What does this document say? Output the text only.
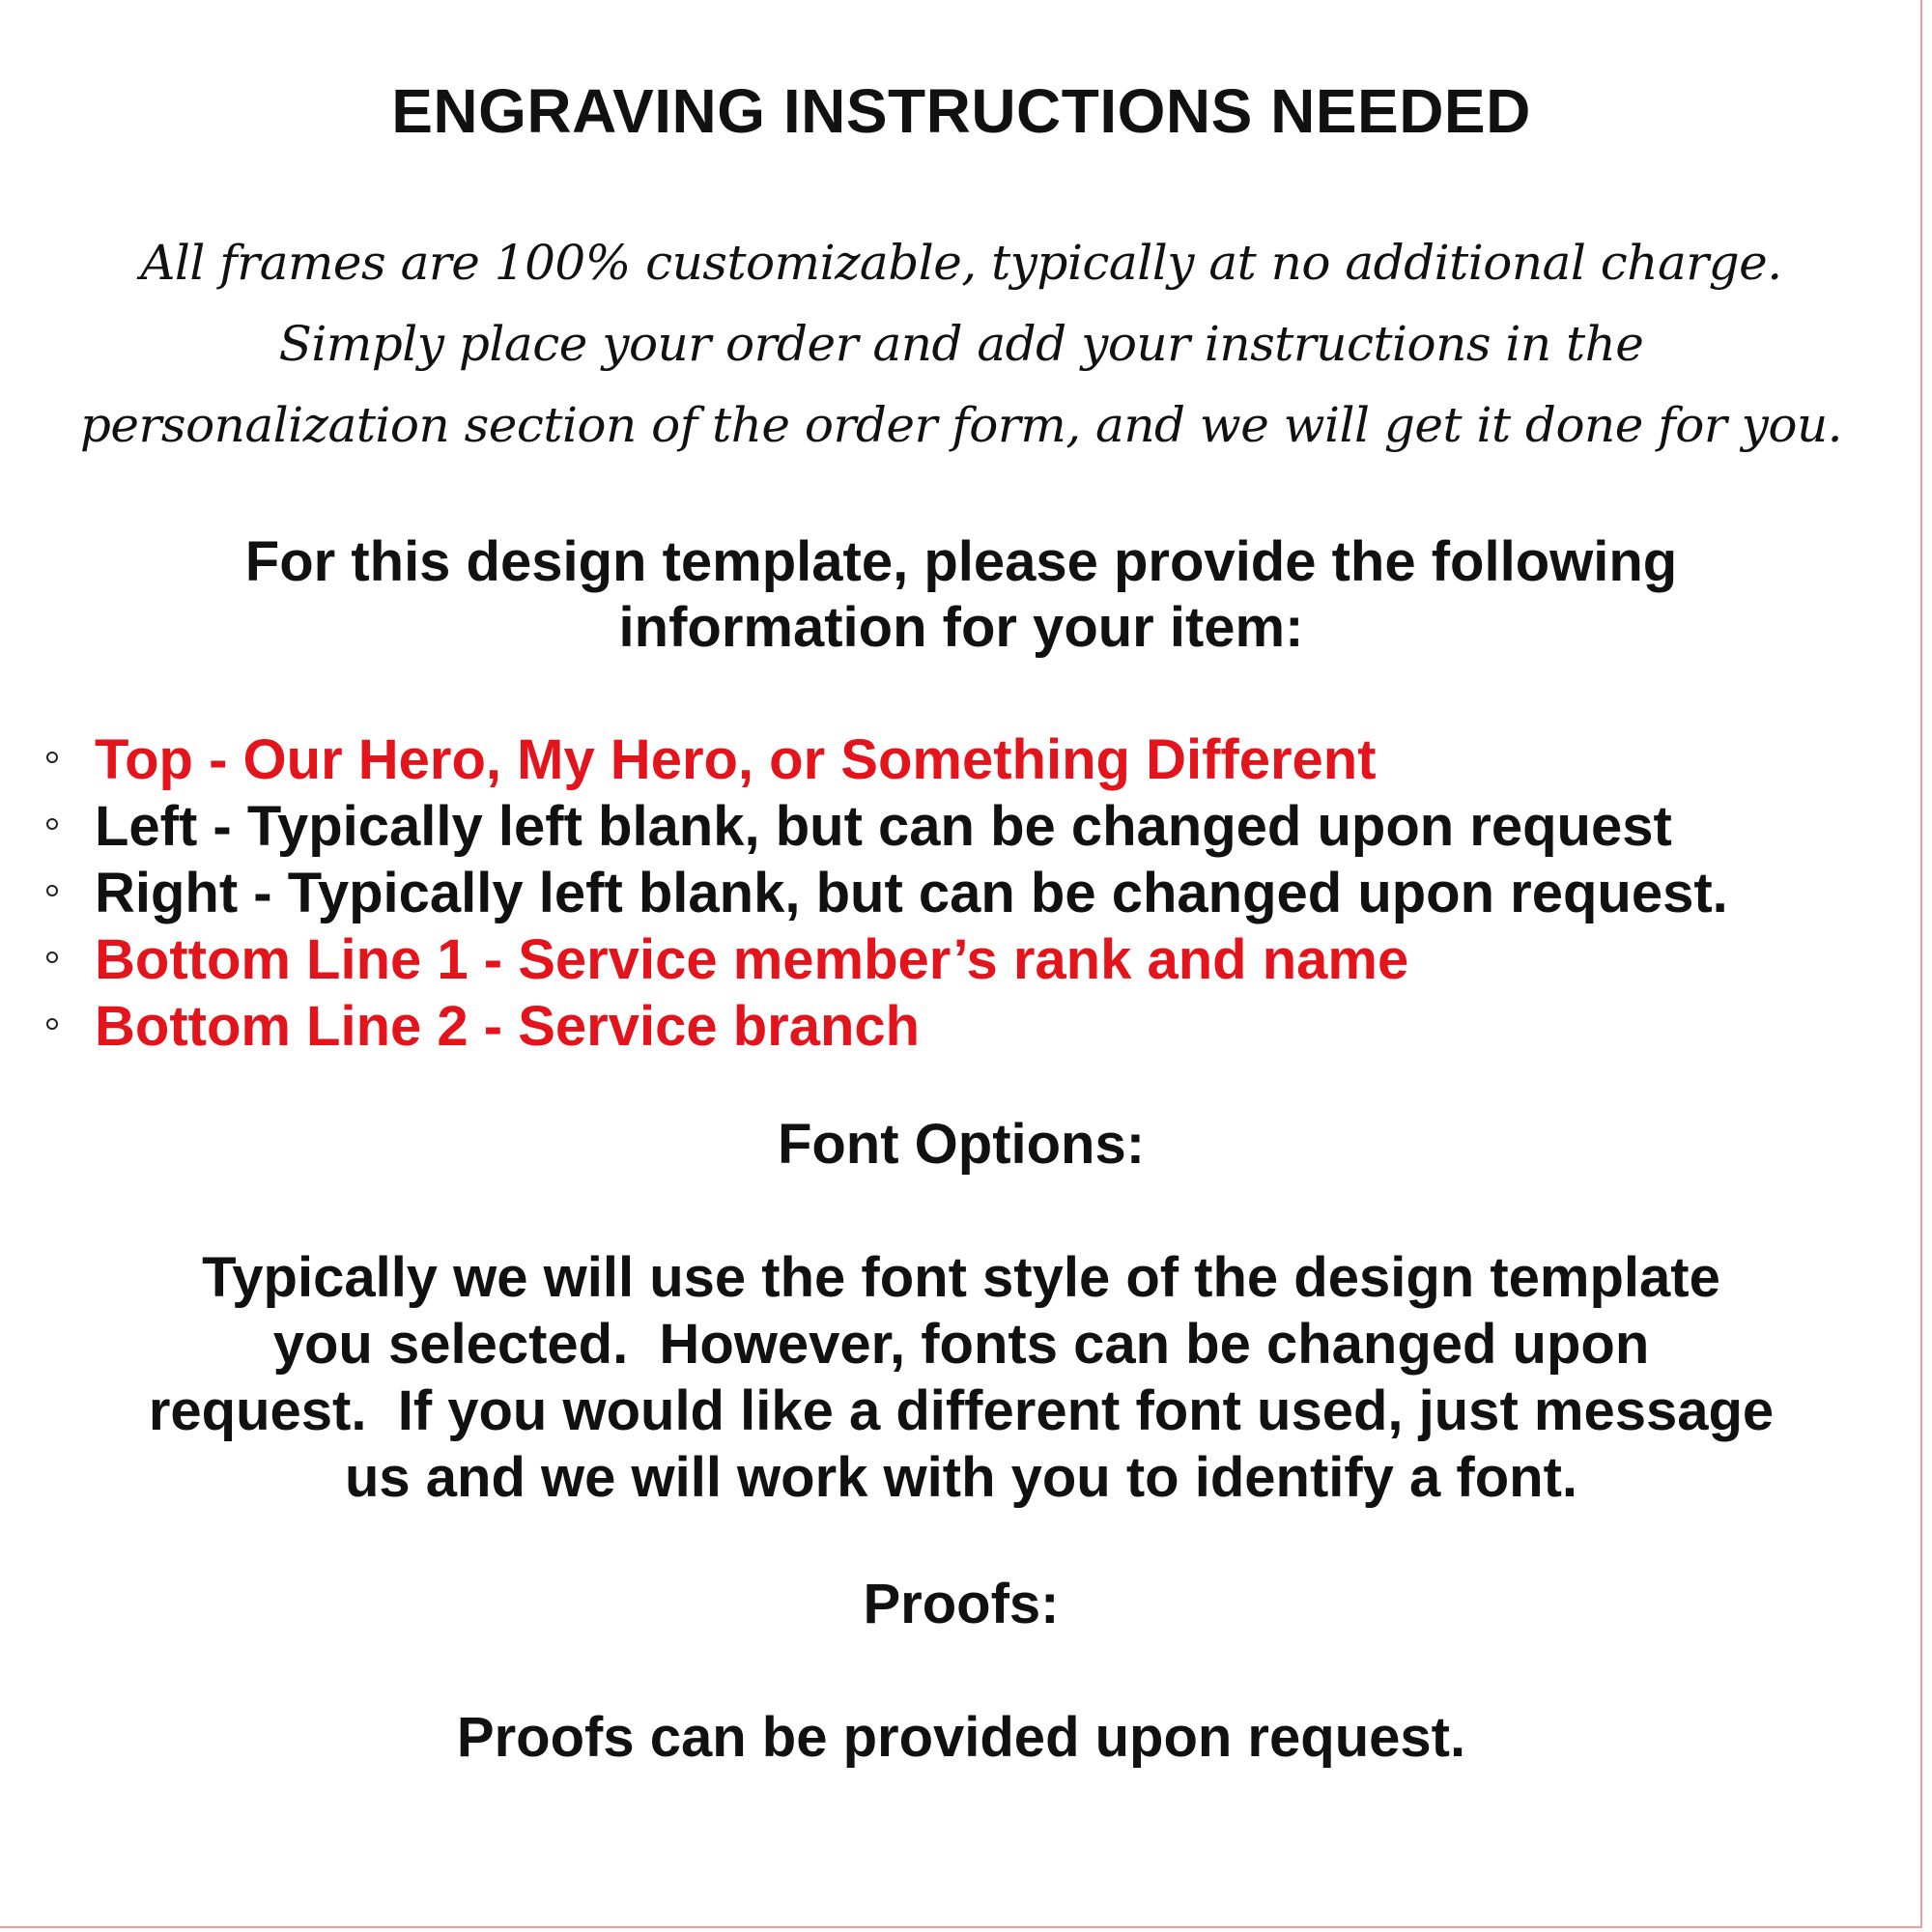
ENGRAVING INSTRUCTIONS NEEDED
All frames are 100% customizable, typically at no additional charge.
Simply place your order and add your instructions in the
personalization section of the order form, and we will get it done for you.
For this design template, please provide the following
information for your item:
Top - Our Hero, My Hero, or Something Different
Left - Typically left blank, but can be changed upon request
Right - Typically left blank, but can be changed upon request.
Bottom Line 1 - Service member’s rank and name
Bottom Line 2 - Service branch
Font Options:
Typically we will use the font style of the design template
you selected.  However, fonts can be changed upon
request.  If you would like a different font used, just message
us and we will work with you to identify a font.
Proofs:
Proofs can be provided upon request.
